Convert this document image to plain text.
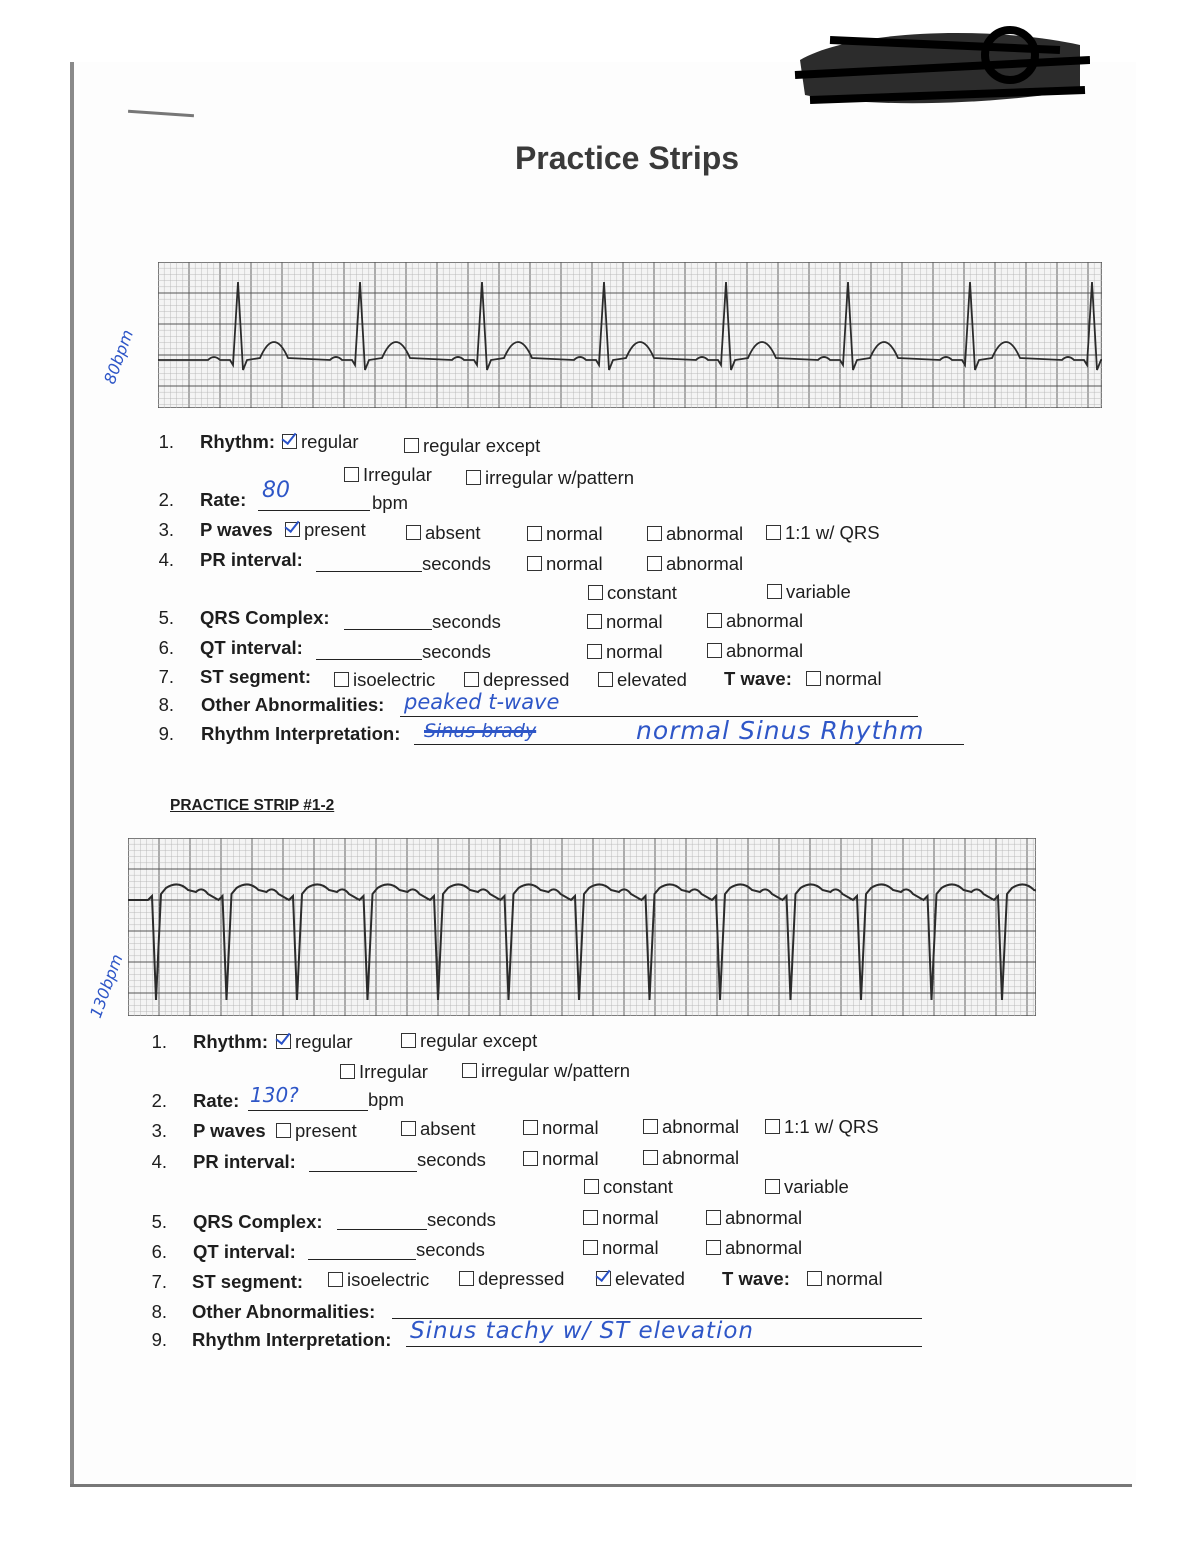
Practice Strips
80bpm
1. Rhythm:	regular	regular except
Irregular	irregular w/pattern
2. Rate: 80	bpm
3. P waves	present	absent	normal	abnormal	1:1 w/ QRS
4. PR interval:	seconds	normal	abnormal
constant	variable
5. QRS Complex:	seconds	normal	abnormal
6. QT interval:	seconds	normal	abnormal
7. ST segment:	isoelectric	depressed	elevated T wave:	normal
8. Other Abnormalities: peaked t-wave
9. Rhythm Interpretation: Sinus brady	normal Sinus Rhythm
PRACTICE STRIP #1-2
130bpm
1. Rhythm:	regular	regular except
Irregular	irregular w/pattern
2. Rate: 130?	bpm
3. P waves	present	absent	normal	abnormal	1:1 w/ QRS
4. PR interval:	seconds	normal	abnormal
constant	variable
5. QRS Complex:	seconds	normal	abnormal
6. QT interval:	seconds	normal	abnormal
7. ST segment:	isoelectric	depressed	elevated T wave:	normal
8. Other Abnormalities:
9. Rhythm Interpretation: Sinus tachy w/ ST elevation
